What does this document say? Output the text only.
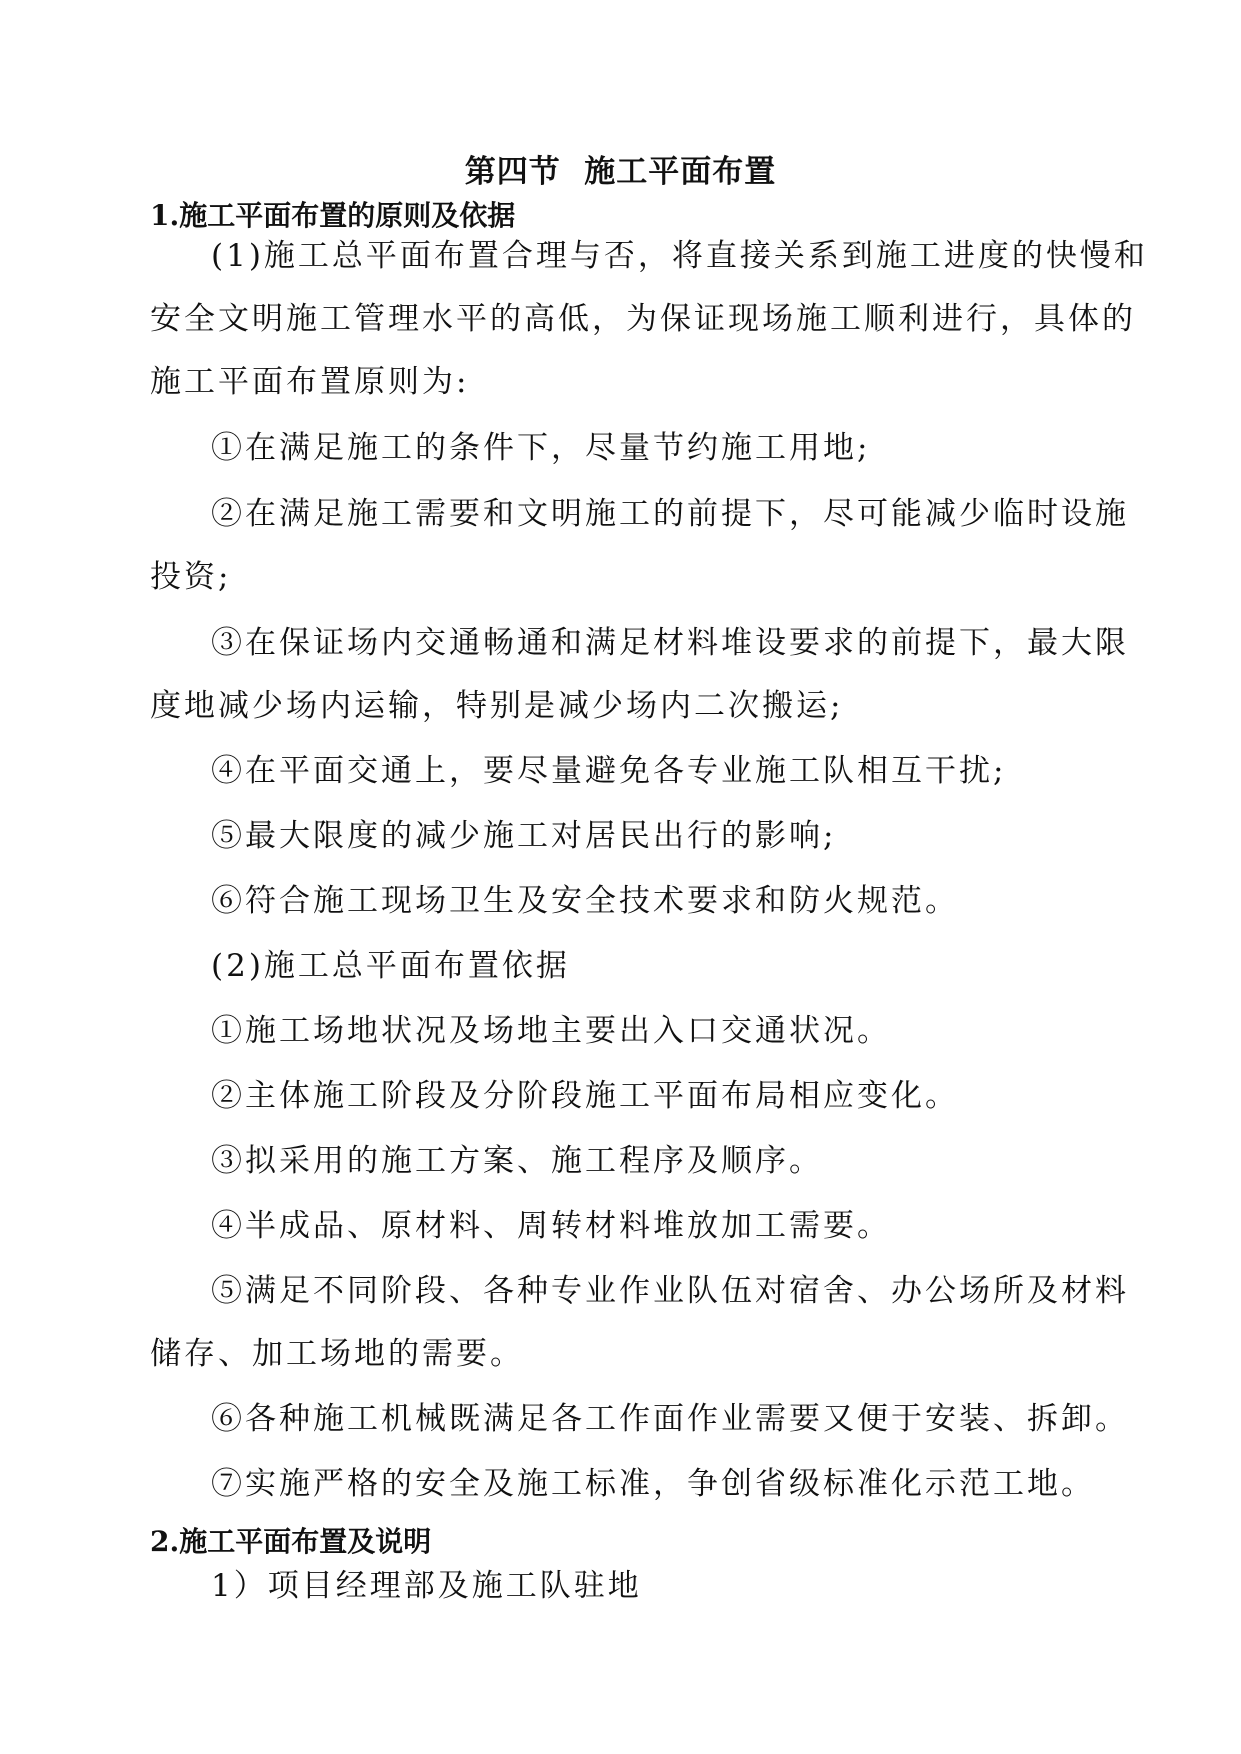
第四节  施工平面布置
1.施工平面布置的原则及依据
(1)施工总平面布置合理与否，将直接关系到施工进度的快慢和
安全文明施工管理水平的高低，为保证现场施工顺利进行，具体的
施工平面布置原则为:
①在满足施工的条件下，尽量节约施工用地;
②在满足施工需要和文明施工的前提下，尽可能减少临时设施
投资;
③在保证场内交通畅通和满足材料堆设要求的前提下，最大限
度地减少场内运输，特别是减少场内二次搬运;
④在平面交通上，要尽量避免各专业施工队相互干扰;
⑤最大限度的减少施工对居民出行的影响;
⑥符合施工现场卫生及安全技术要求和防火规范。
(2)施工总平面布置依据
①施工场地状况及场地主要出入口交通状况。
②主体施工阶段及分阶段施工平面布局相应变化。
③拟采用的施工方案、施工程序及顺序。
④半成品、原材料、周转材料堆放加工需要。
⑤满足不同阶段、各种专业作业队伍对宿舍、办公场所及材料
储存、加工场地的需要。
⑥各种施工机械既满足各工作面作业需要又便于安装、拆卸。
⑦实施严格的安全及施工标准，争创省级标准化示范工地。
2.施工平面布置及说明
1）项目经理部及施工队驻地
